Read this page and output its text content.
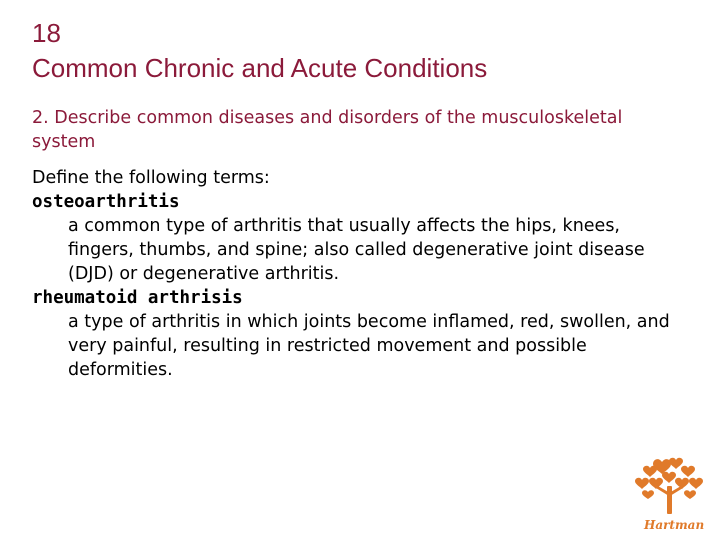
18
Common Chronic and Acute Conditions
2. Describe common diseases and disorders of the musculoskeletal system
Define the following terms:
osteoarthritis
a common type of arthritis that usually affects the hips, knees, fingers, thumbs, and spine; also called degenerative joint disease (DJD) or degenerative arthritis.
rheumatoid arthrisis
a type of arthritis in which joints become inflamed, red, swollen, and very painful, resulting in restricted movement and possible deformities.
Hartman
